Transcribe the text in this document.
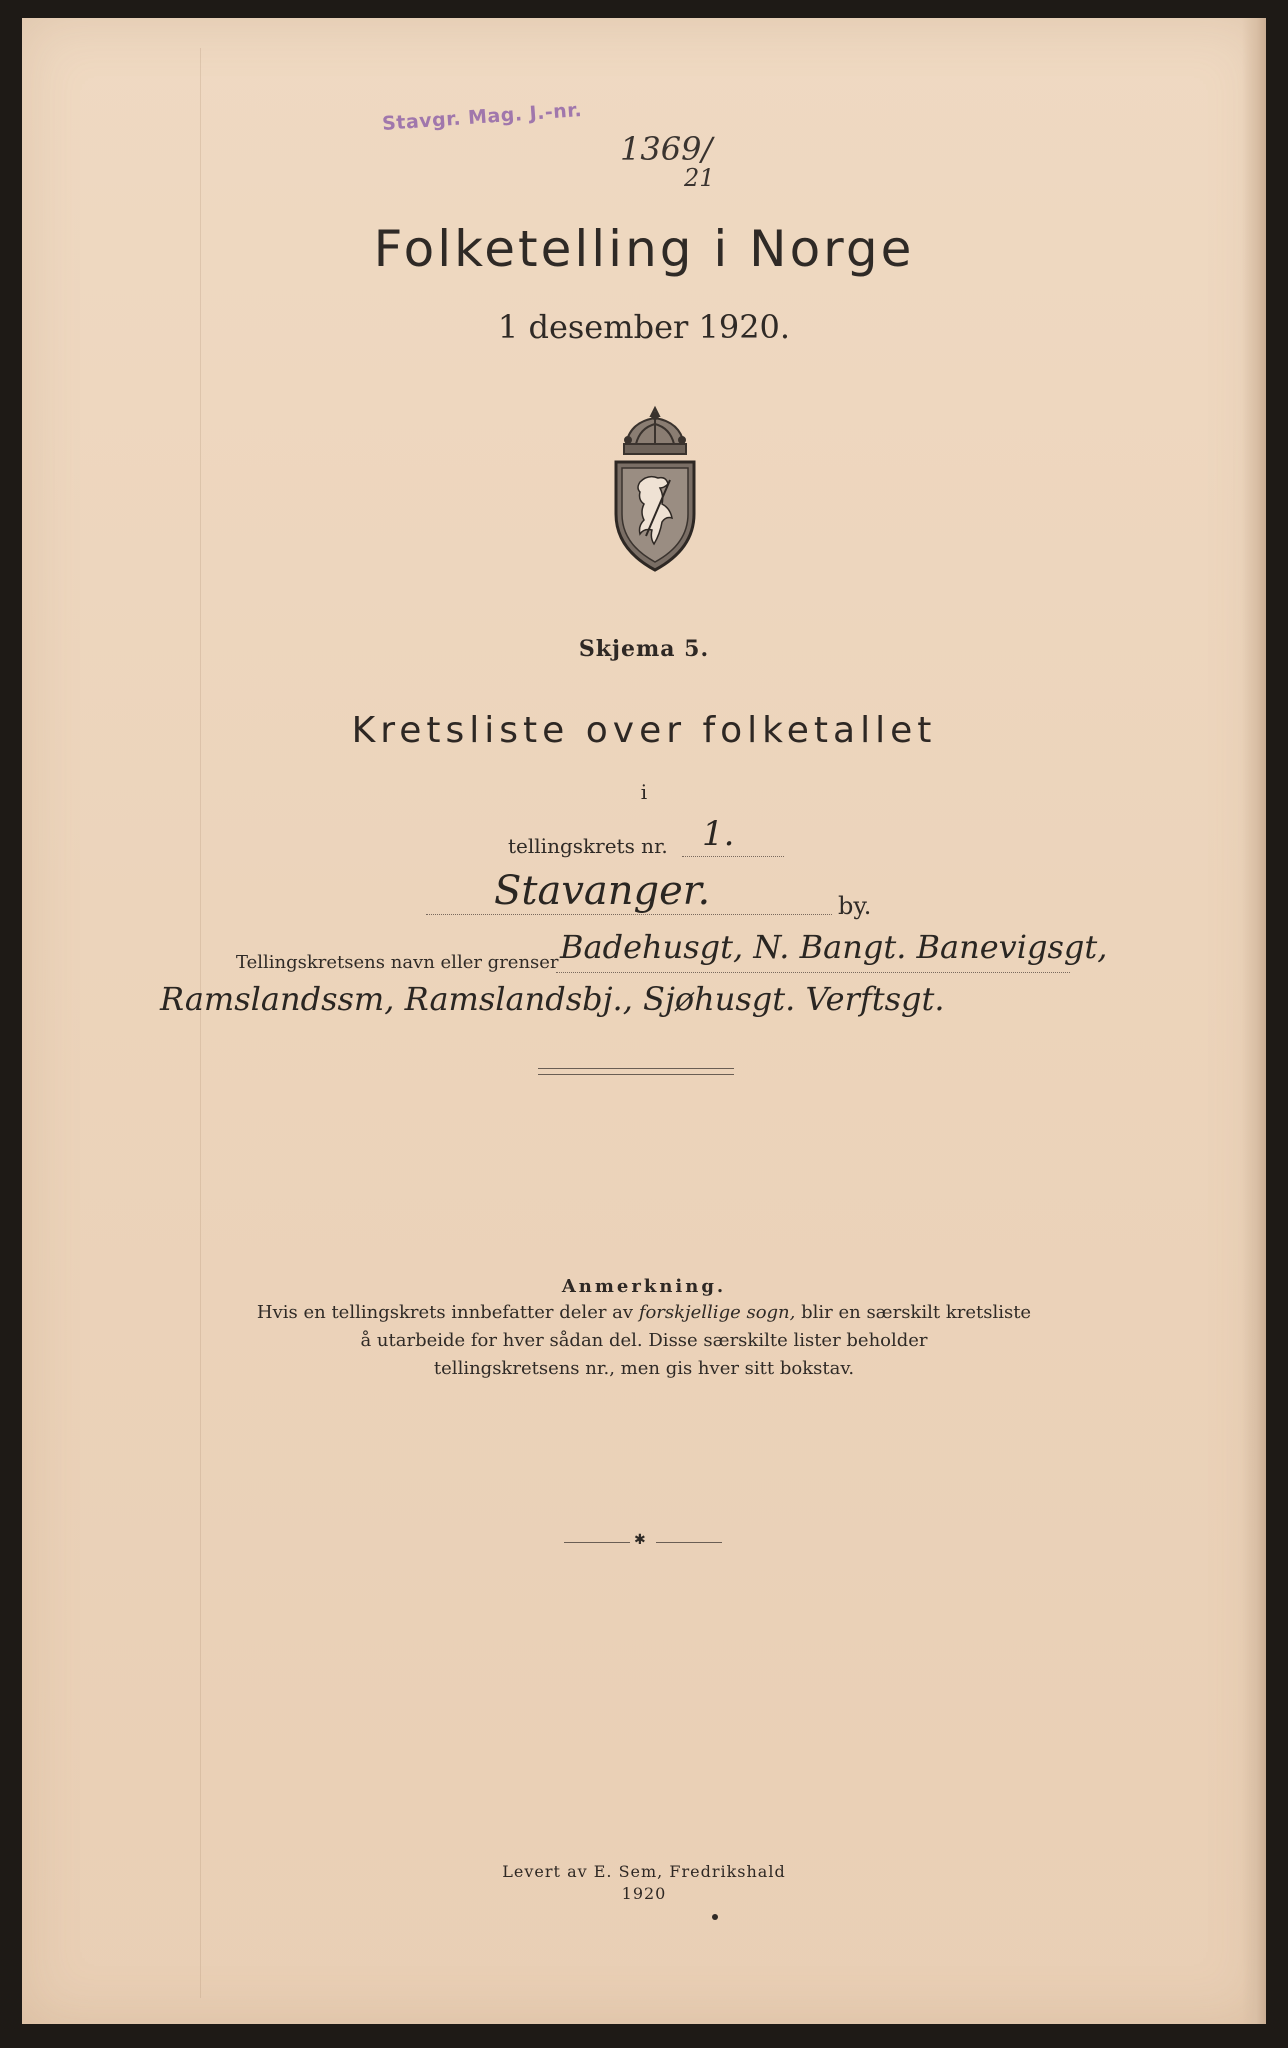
Stavgr. Mag. J.-nr.
1369/
21
Folketelling i Norge
1 desember 1920.
Skjema 5.
Kretsliste over folketallet
i
tellingskrets nr. 1.
Stavanger.	by.
Tellingskretsens navn eller grenser Badehusgt, N. Bangt. Banevigsgt,
Ramslandssm, Ramslandsbj., Sjøhusgt. Verftsgt.
Anmerkning.
Hvis en tellingskrets innbefatter deler av forskjellige sogn, blir en særskilt kretsliste
å utarbeide for hver sådan del. Disse særskilte lister beholder
tellingskretsens nr., men gis hver sitt bokstav.
✱
Levert av E. Sem, Fredrikshald
1920
